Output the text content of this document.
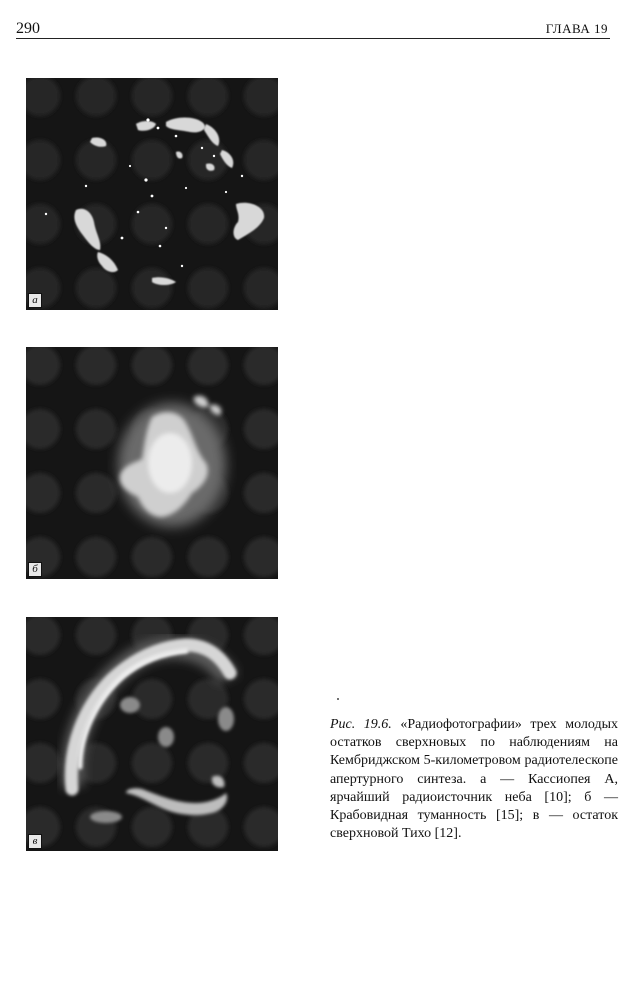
290	ГЛАВА 19
а
б
в
Рис. 19.6. «Радиофотографии» трех молодых остатков сверхновых по наблюдениям на Кембриджском 5-километровом радиотелескопе апертурного синтеза. а — Кассиопея А, ярчайший радиоисточник неба [10]; б — Крабовидная туманность [15]; в — остаток сверхновой Тихо [12].
